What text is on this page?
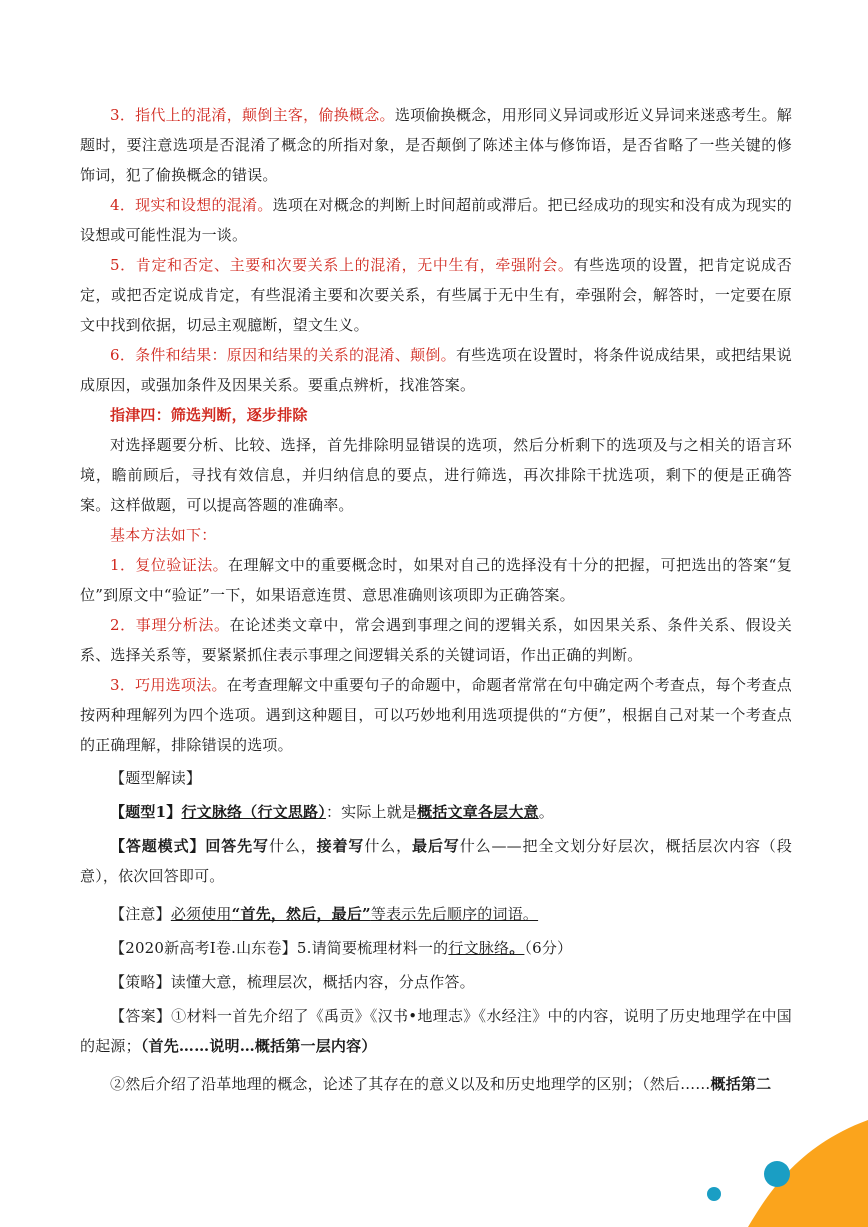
3．指代上的混淆，颠倒主客，偷换概念。选项偷换概念，用形同义异词或形近义异词来迷惑考生。解题时，要注意选项是否混淆了概念的所指对象，是否颠倒了陈述主体与修饰语，是否省略了一些关键的修饰词，犯了偷换概念的错误。

4．现实和设想的混淆。选项在对概念的判断上时间超前或滞后。把已经成功的现实和没有成为现实的设想或可能性混为一谈。

5．肯定和否定、主要和次要关系上的混淆，无中生有，牵强附会。有些选项的设置，把肯定说成否定，或把否定说成肯定，有些混淆主要和次要关系，有些属于无中生有，牵强附会，解答时，一定要在原文中找到依据，切忌主观臆断，望文生义。

6．条件和结果：原因和结果的关系的混淆、颠倒。有些选项在设置时，将条件说成结果，或把结果说成原因，或强加条件及因果关系。要重点辨析，找准答案。

指津四：筛选判断，逐步排除

对选择题要分析、比较、选择，首先排除明显错误的选项，然后分析剩下的选项及与之相关的语言环境，瞻前顾后，寻找有效信息，并归纳信息的要点，进行筛选，再次排除干扰选项，剩下的便是正确答案。这样做题，可以提高答题的准确率。

基本方法如下：

1．复位验证法。在理解文中的重要概念时，如果对自己的选择没有十分的把握，可把选出的答案“复位”到原文中“验证”一下，如果语意连贯、意思准确则该项即为正确答案。

2．事理分析法。在论述类文章中，常会遇到事理之间的逻辑关系，如因果关系、条件关系、假设关系、选择关系等，要紧紧抓住表示事理之间逻辑关系的关键词语，作出正确的判断。

3．巧用选项法。在考查理解文中重要句子的命题中，命题者常常在句中确定两个考查点，每个考查点按两种理解列为四个选项。遇到这种题目，可以巧妙地利用选项提供的“方便”，根据自己对某一个考查点的正确理解，排除错误的选项。

【题型解读】

【题型1】行文脉络（行文思路）：实际上就是概括文章各层大意。

【答题模式】回答先写什么，接着写什么，最后写什么——把全文划分好层次，概括层次内容（段意），依次回答即可。

【注意】必须使用“首先，然后，最后”等表示先后顺序的词语。

【2020新高考Ⅰ卷.山东卷】5.请简要梳理材料一的行文脉络。（6分）

【策略】读懂大意，梳理层次，概括内容，分点作答。

【答案】①材料一首先介绍了《禹贡》《汉书•地理志》《水经注》中的内容，说明了历史地理学在中国的起源；（首先……说明…概括第一层内容）

②然后介绍了沿革地理的概念，论述了其存在的意义以及和历史地理学的区别；（然后……概括第二
